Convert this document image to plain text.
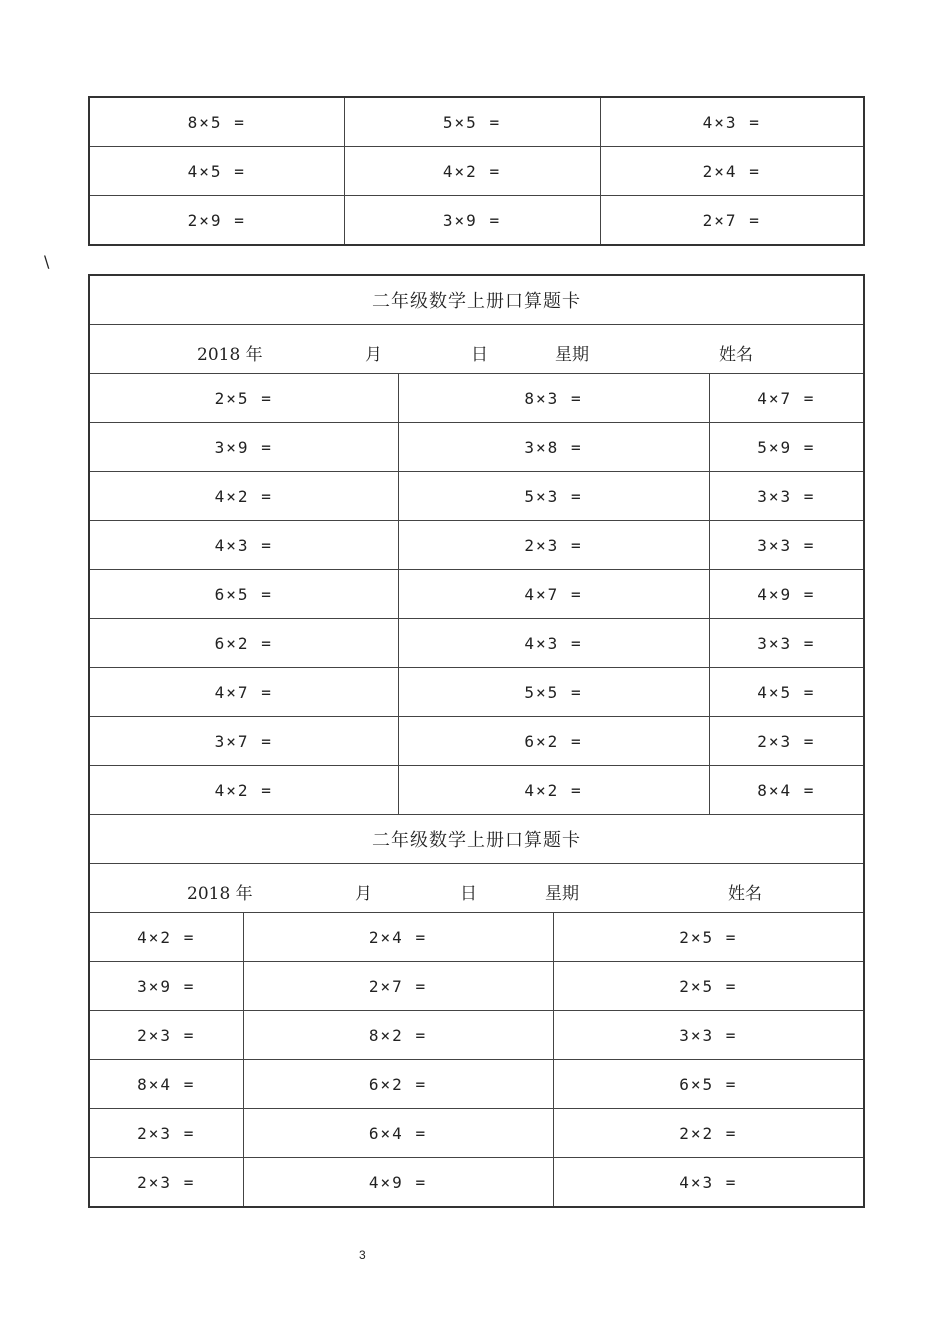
8×5 =	5×5 =	4×3 =
4×5 =	4×2 =	2×4 =
2×9 =	3×9 =	2×7 =
\
二年级数学上册口算题卡				

2018 年 月 日 星期 姓名				

2×5 =		8×3 =		4×7 =
3×9 =		3×8 =		5×9 =
4×2 =		5×3 =		3×3 =
4×3 =		2×3 =		3×3 =
6×5 =		4×7 =		4×9 =
6×2 =		4×3 =		3×3 =
4×7 =		5×5 =		4×5 =
3×7 =		6×2 =		2×3 =
4×2 =		4×2 =		8×4 =
二年级数学上册口算题卡				

2018 年 月 日 星期 姓名				

4×2 =	2×4 =		2×5 =	
3×9 =	2×7 =		2×5 =	
2×3 =	8×2 =		3×3 =	
8×4 =	6×2 =		6×5 =	
2×3 =	6×4 =		2×2 =	
2×3 =	4×9 =		4×3 =	
3
